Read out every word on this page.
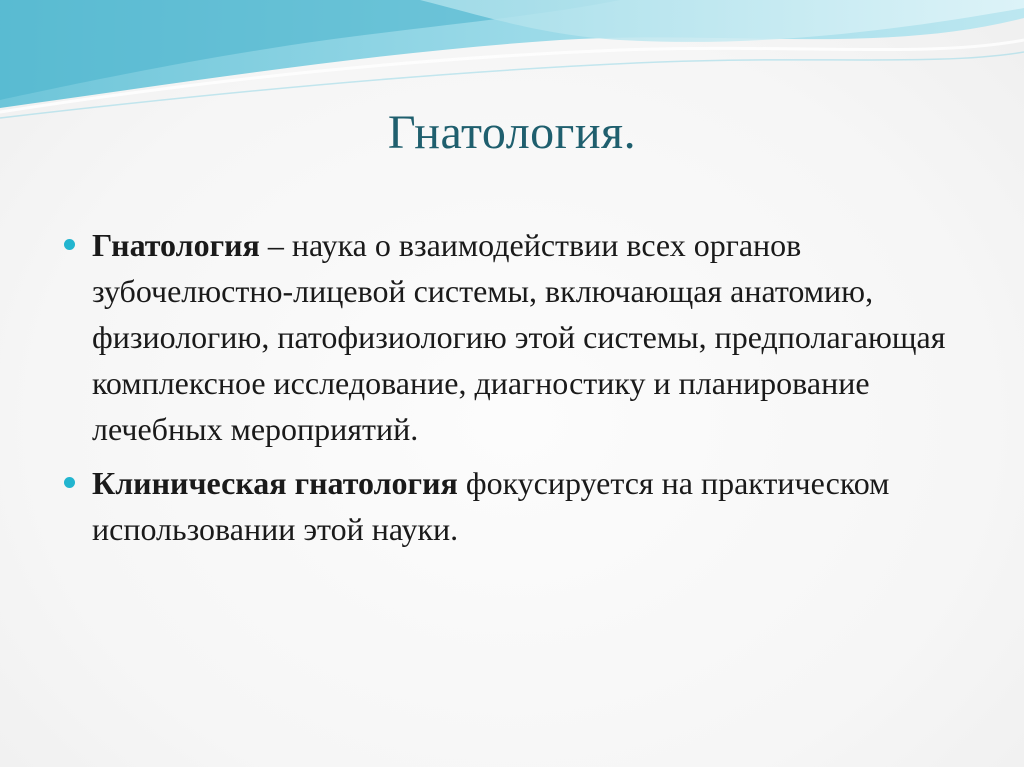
Гнатология.
Гнатология – наука о взаимодействии всех органов зубочелюстно-лицевой системы, включающая анатомию, физиологию, патофизиологию этой системы, предполагающая комплексное исследование, диагностику и планирование лечебных мероприятий.
Клиническая гнатология фокусируется на практическом использовании этой науки.
